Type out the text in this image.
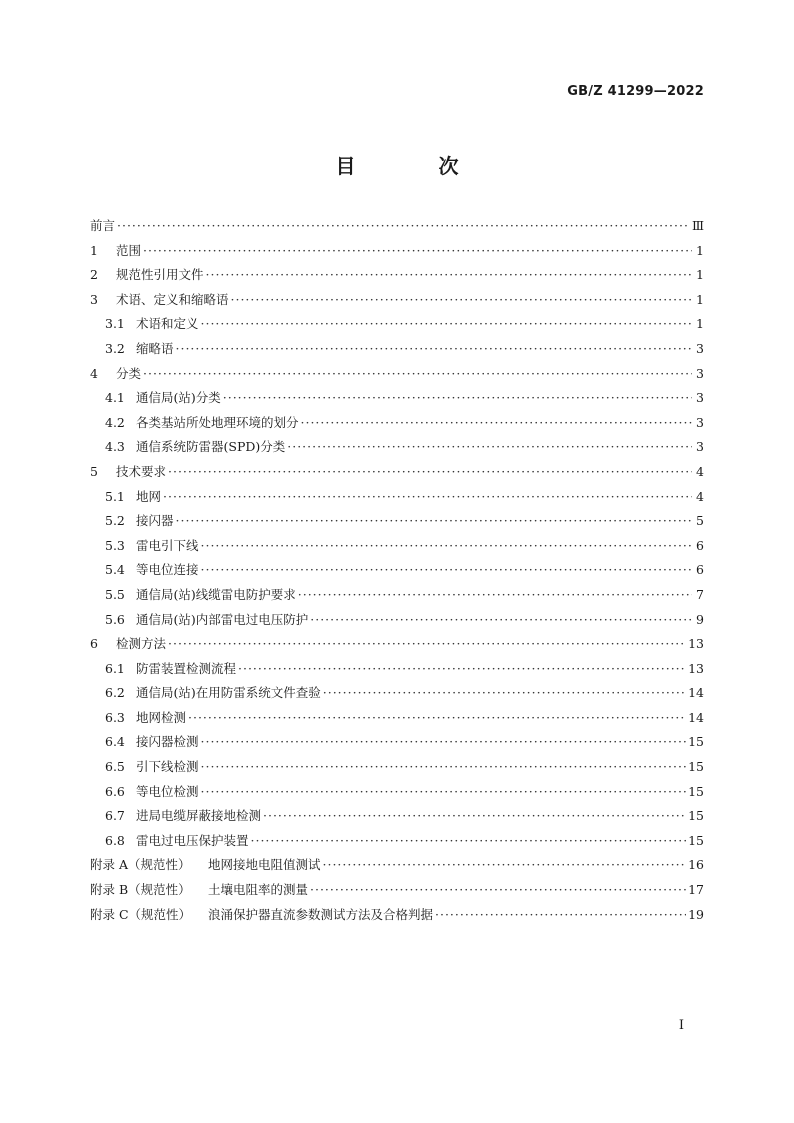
GB/Z 41299—2022
目 次
前言 ·····	Ⅲ
1	范围 ·····	1
2	规范性引用文件 ·····	1
3	术语、定义和缩略语 ·····	1
3.1 术语和定义 ·····	1
3.2 缩略语 ·····	3
4	分类 ·····	3
4.1 通信局(站)分类 ·····	3
4.2 各类基站所处地理环境的划分 ·····	3
4.3 通信系统防雷器(SPD)分类 ·····	3
5	技术要求 ·····	4
5.1 地网 ·····	4
5.2 接闪器 ·····	5
5.3 雷电引下线 ·····	6
5.4 等电位连接 ·····	6
5.5 通信局(站)线缆雷电防护要求 ·····	7
5.6 通信局(站)内部雷电过电压防护 ·····	9
6	检测方法 ·····	13
6.1 防雷装置检测流程 ·····	13
6.2 通信局(站)在用防雷系统文件查验 ·····	14
6.3 地网检测 ·····	14
6.4 接闪器检测 ·····	15
6.5 引下线检测 ·····	15
6.6 等电位检测 ·····	15
6.7 进局电缆屏蔽接地检测 ·····	15
6.8 雷电过电压保护装置 ·····	15
附录 A（规范性）	地网接地电阻值测试 ·····	16
附录 B（规范性）	土壤电阻率的测量 ·····	17
附录 C（规范性）	浪涌保护器直流参数测试方法及合格判据 ·····	19
Ⅰ
